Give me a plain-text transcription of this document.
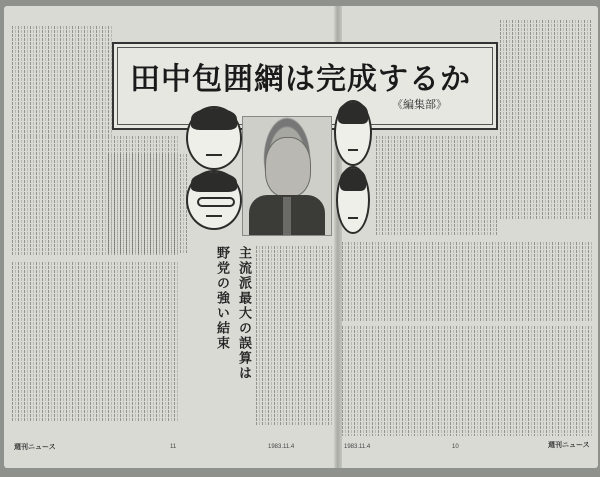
田中包囲網は完成するか
《編集部》
主流派最大の誤算は
野党の強い結束
週刊ニュース	11	1983.11.4	1983.11.4	10	週刊ニュース
